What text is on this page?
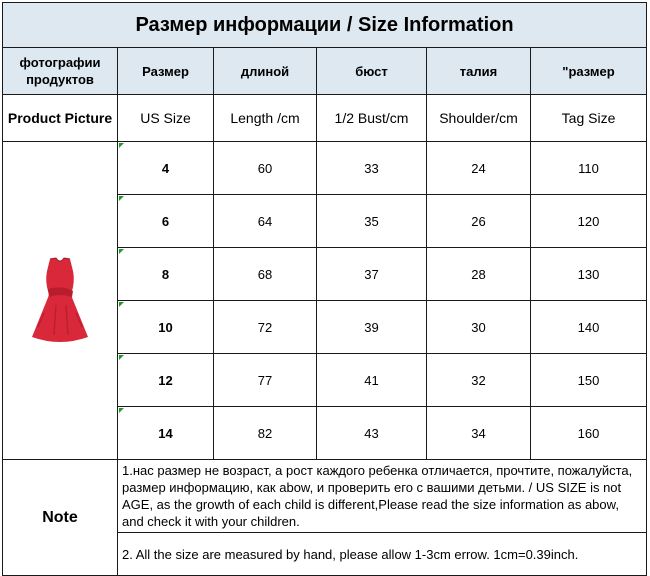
Размер информации / Size Information					
фотографии продуктов	Размер	длиной	бюст	талия	"размер
Product Picture	US Size	Length /cm	1/2 Bust/cm	Shoulder/cm	Tag Size

	4	60	33	24	110
	6	64	35	26	120
	8	68	37	28	130
	10	72	39	30	140
	12	77	41	32	150
	14	82	43	34	160
Note	1.нас размер не возраст, а рост каждого ребенка отличается, прочтите, пожалуйста, размер информацию, как abow, и проверить его с вашими детьми. / US SIZE is not AGE, as the growth of each child is different,Please read the size information as abow, and check it with your children.				
	2. All the size are measured by hand, please allow 1-3cm errow. 1cm=0.39inch.				
